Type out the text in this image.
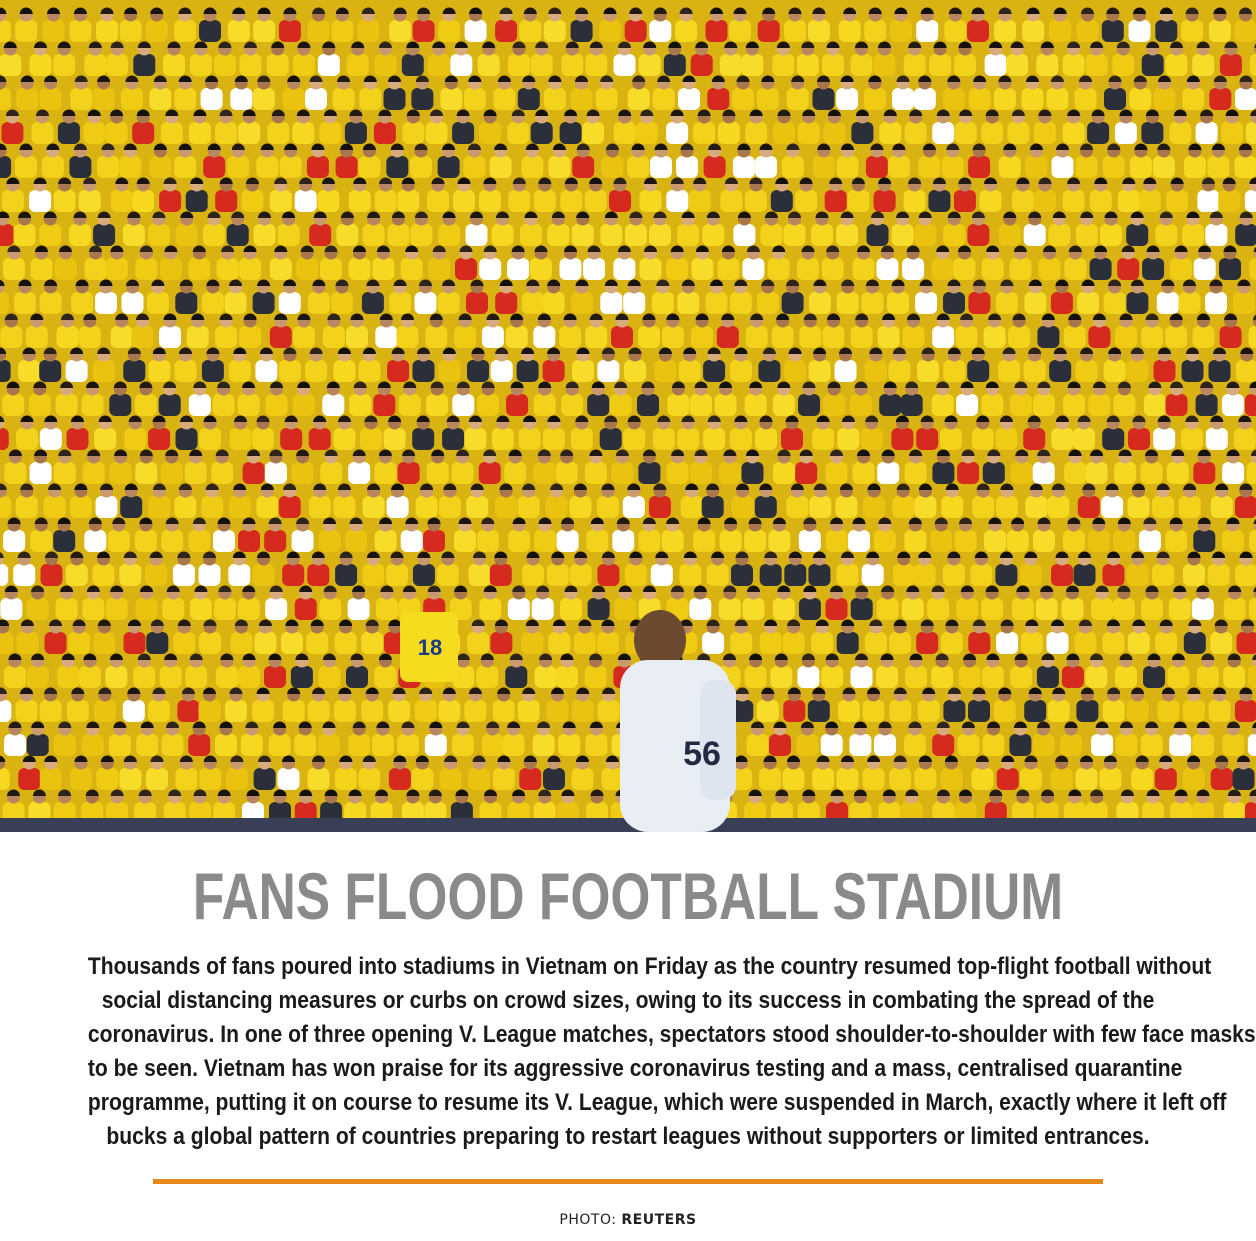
18
56
FANS FLOOD FOOTBALL STADIUM
Thousands of fans poured into stadiums in Vietnam on Friday as the country resumed top-flight football without
social distancing measures or curbs on crowd sizes, owing to its success in combating the spread of the
coronavirus. In one of three opening V. League matches, spectators stood shoulder-to-shoulder with few face masks
to be seen. Vietnam has won praise for its aggressive coronavirus testing and a mass, centralised quarantine
programme, putting it on course to resume its V. League, which were suspended in March, exactly where it left off
bucks a global pattern of countries preparing to restart leagues without supporters or limited entrances.
PHOTO: REUTERS
